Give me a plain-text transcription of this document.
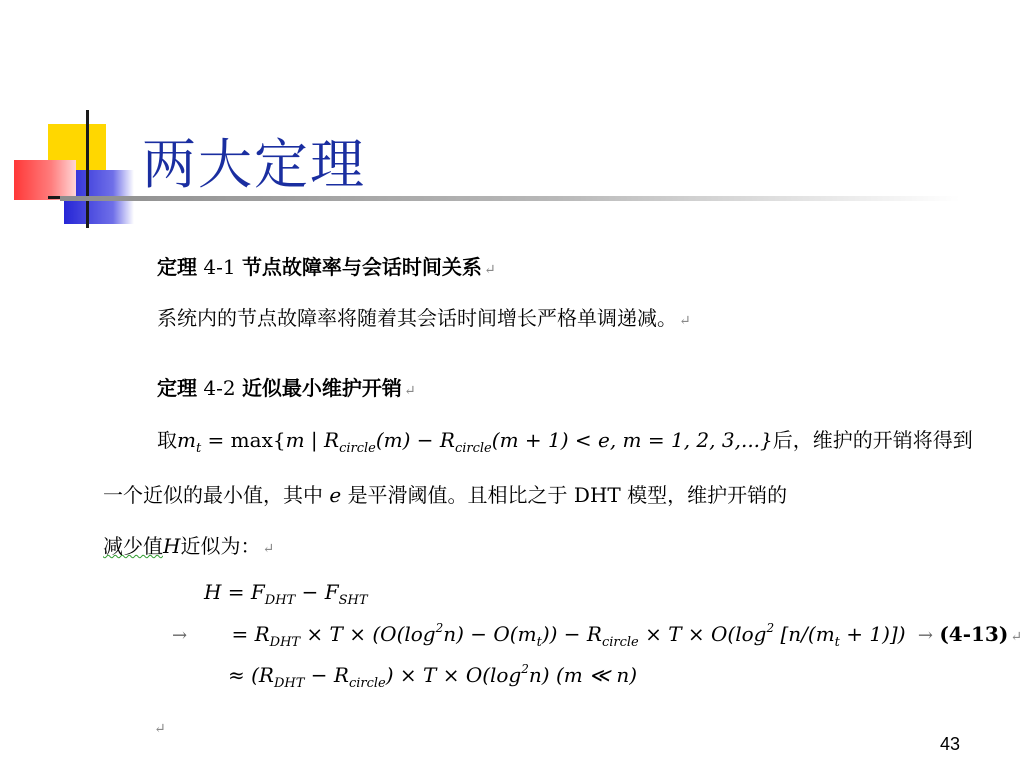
两大定理
定理 4-1 节点故障率与会话时间关系 ↵
系统内的节点故障率将随着其会话时间增长严格单调递减。 ↵
定理 4-2 近似最小维护开销 ↵
取$m_t = \max\{m$ | $R_{circle}(m) - R_{circle}(m + 1) < e$, m = 1, 2, 3,...}后，维护的开销将得到
一个近似的最小值，其中 e 是平滑阈值。且相比之于 DHT 模型，维护开销的
减少值H近似为： ↵
$H = F_{DHT} - F_{SHT}$
→ = $R_{DHT} \times T \times (O(\log^2n) - O(m_t)) - R_{circle} \times T \times O(\log^2$ $[n/(m_t + 1)]) \to (4-13)$ ↵
≈ $(R_{DHT} - R_{circle}) \times T \times O(\log^2n)$ (m ≪ n)
↵
43
